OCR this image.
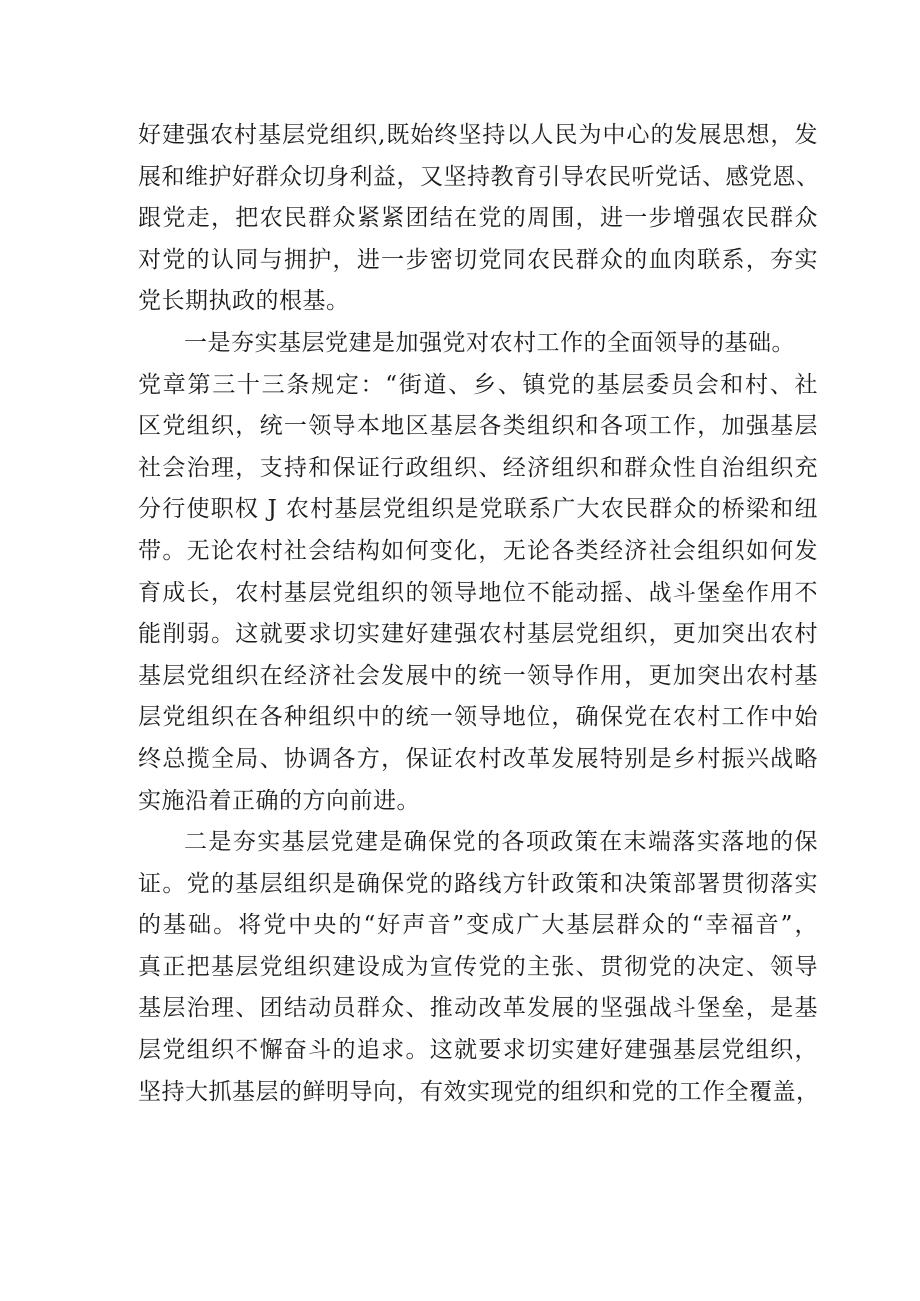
好建强农村基层党组织,既始终坚持以人民为中心的发展思想，发
展和维护好群众切身利益，又坚持教育引导农民听党话、感党恩、
跟党走，把农民群众紧紧团结在党的周围，进一步增强农民群众
对党的认同与拥护，进一步密切党同农民群众的血肉联系，夯实
党长期执政的根基。
一是夯实基层党建是加强党对农村工作的全面领导的基础。
党章第三十三条规定：“街道、乡、镇党的基层委员会和村、社
区党组织，统一领导本地区基层各类组织和各项工作，加强基层
社会治理，支持和保证行政组织、经济组织和群众性自治组织充
分行使职权 J 农村基层党组织是党联系广大农民群众的桥梁和纽
带。无论农村社会结构如何变化，无论各类经济社会组织如何发
育成长，农村基层党组织的领导地位不能动摇、战斗堡垒作用不
能削弱。这就要求切实建好建强农村基层党组织，更加突出农村
基层党组织在经济社会发展中的统一领导作用，更加突出农村基
层党组织在各种组织中的统一领导地位，确保党在农村工作中始
终总揽全局、协调各方，保证农村改革发展特别是乡村振兴战略
实施沿着正确的方向前进。
二是夯实基层党建是确保党的各项政策在末端落实落地的保
证。党的基层组织是确保党的路线方针政策和决策部署贯彻落实
的基础。将党中央的“好声音”变成广大基层群众的“幸福音”，
真正把基层党组织建设成为宣传党的主张、贯彻党的决定、领导
基层治理、团结动员群众、推动改革发展的坚强战斗堡垒，是基
层党组织不懈奋斗的追求。这就要求切实建好建强基层党组织，
坚持大抓基层的鲜明导向，有效实现党的组织和党的工作全覆盖，
